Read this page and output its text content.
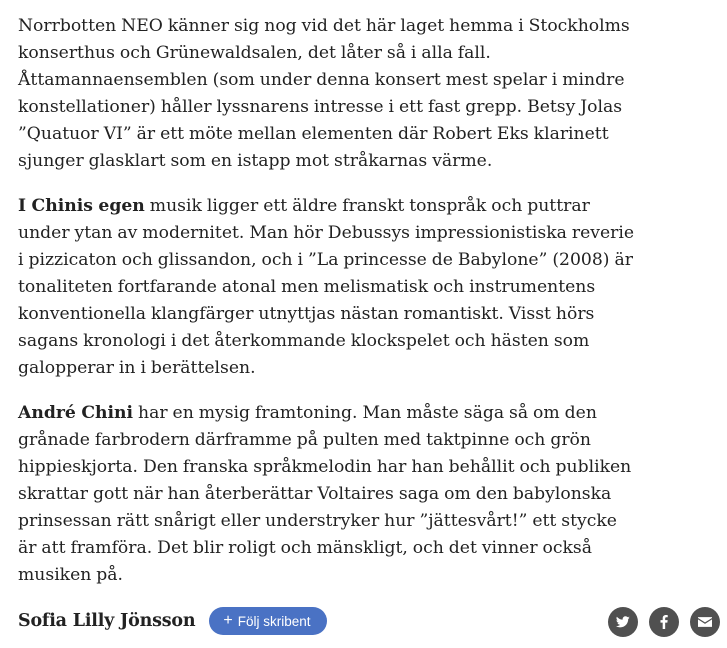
Norrbotten NEO känner sig nog vid det här laget hemma i Stockholms konserthus och Grünewaldsalen, det låter så i alla fall. Åttamannaensemblen (som under denna konsert mest spelar i mindre konstellationer) håller lyssnarens intresse i ett fast grepp. Betsy Jolas ”Quatuor VI” är ett möte mellan elementen där Robert Eks klarinett sjunger glasklart som en istapp mot stråkarnas värme.

I Chinis egen musik ligger ett äldre franskt tonspråk och puttrar under ytan av modernitet. Man hör Debussys impressionistiska reverie i pizzicaton och glissandon, och i ”La princesse de Babylone” (2008) är tonaliteten fortfarande atonal men melismatisk och instrumentens konventionella klangfärger utnyttjas nästan romantiskt. Visst hörs sagans kronologi i det återkommande klockspelet och hästen som galopperar in i berättelsen.

André Chini har en mysig framtoning. Man måste säga så om den grånade farbrodern därframme på pulten med taktpinne och grön hippieskjorta. Den franska språkmelodin har han behållit och publiken skrattar gott när han återberättar Voltaires saga om den babylonska prinsessan rätt snårigt eller understryker hur ”jättesvårt!” ett stycke är att framföra. Det blir roligt och mänskligt, och det vinner också musiken på.

Sofia Lilly Jönsson + Följ skribent
